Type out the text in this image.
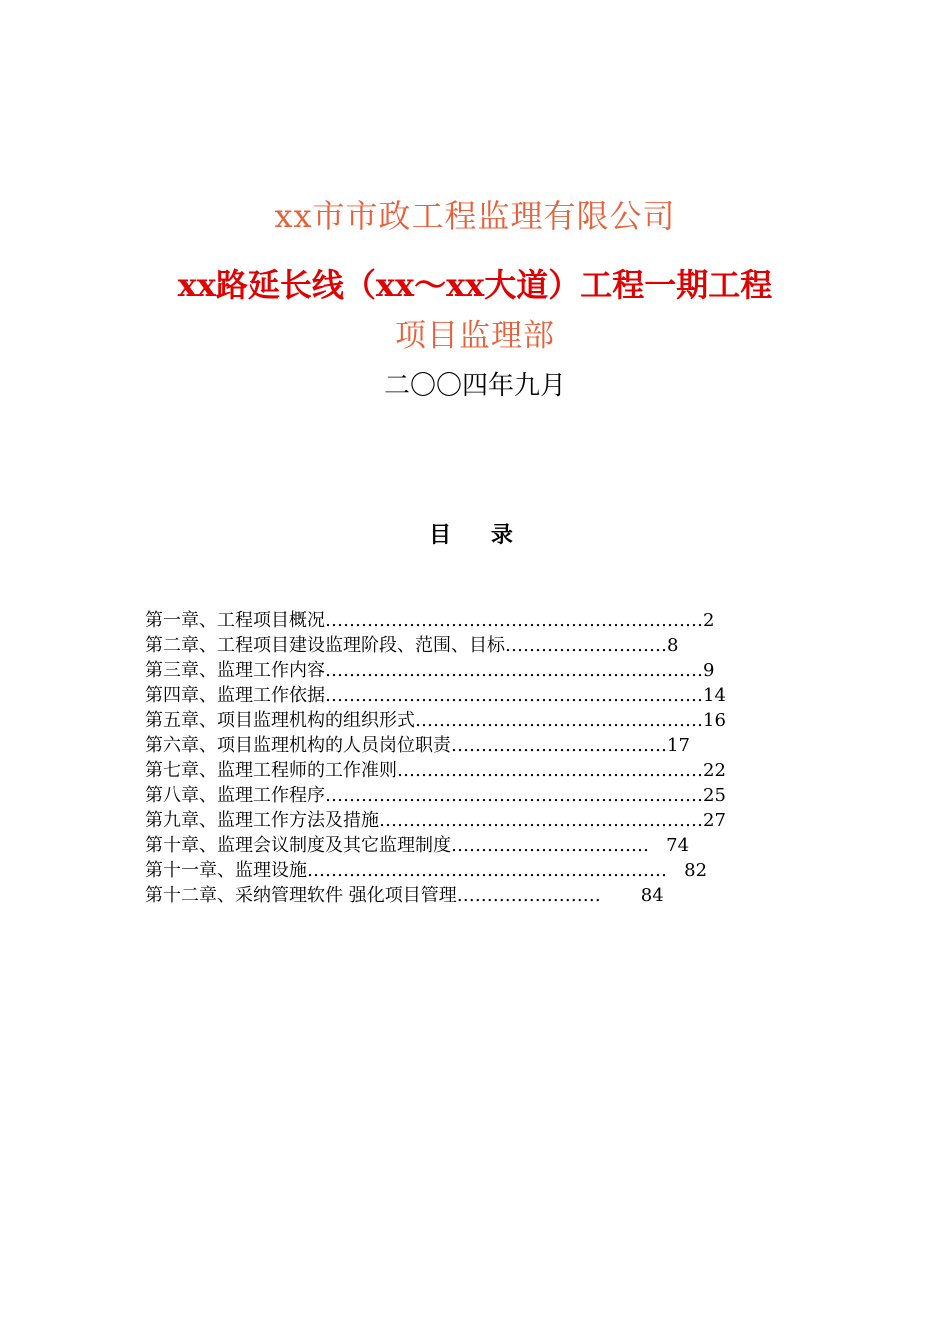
xx市市政工程监理有限公司
xx路延长线（xx～xx大道）工程一期工程
项目监理部
二〇〇四年九月
目 录
第一章、工程项目概况………………………………………………………2
第二章、工程项目建设监理阶段、范围、目标………………………8
第三章、监理工作内容………………………………………………………9
第四章、监理工作依据………………………………………………………14
第五章、项目监理机构的组织形式…………………………………………16
第六章、项目监理机构的人员岗位职责………………………………17
第七章、监理工程师的工作准则……………………………………………22
第八章、监理工作程序………………………………………………………25
第九章、监理工作方法及措施………………………………………………27
第十章、监理会议制度及其它监理制度……………………………   74
第十一章、监理设施……………………………………………………   82
第十二章、采纳管理软件 强化项目管理……………………       84
